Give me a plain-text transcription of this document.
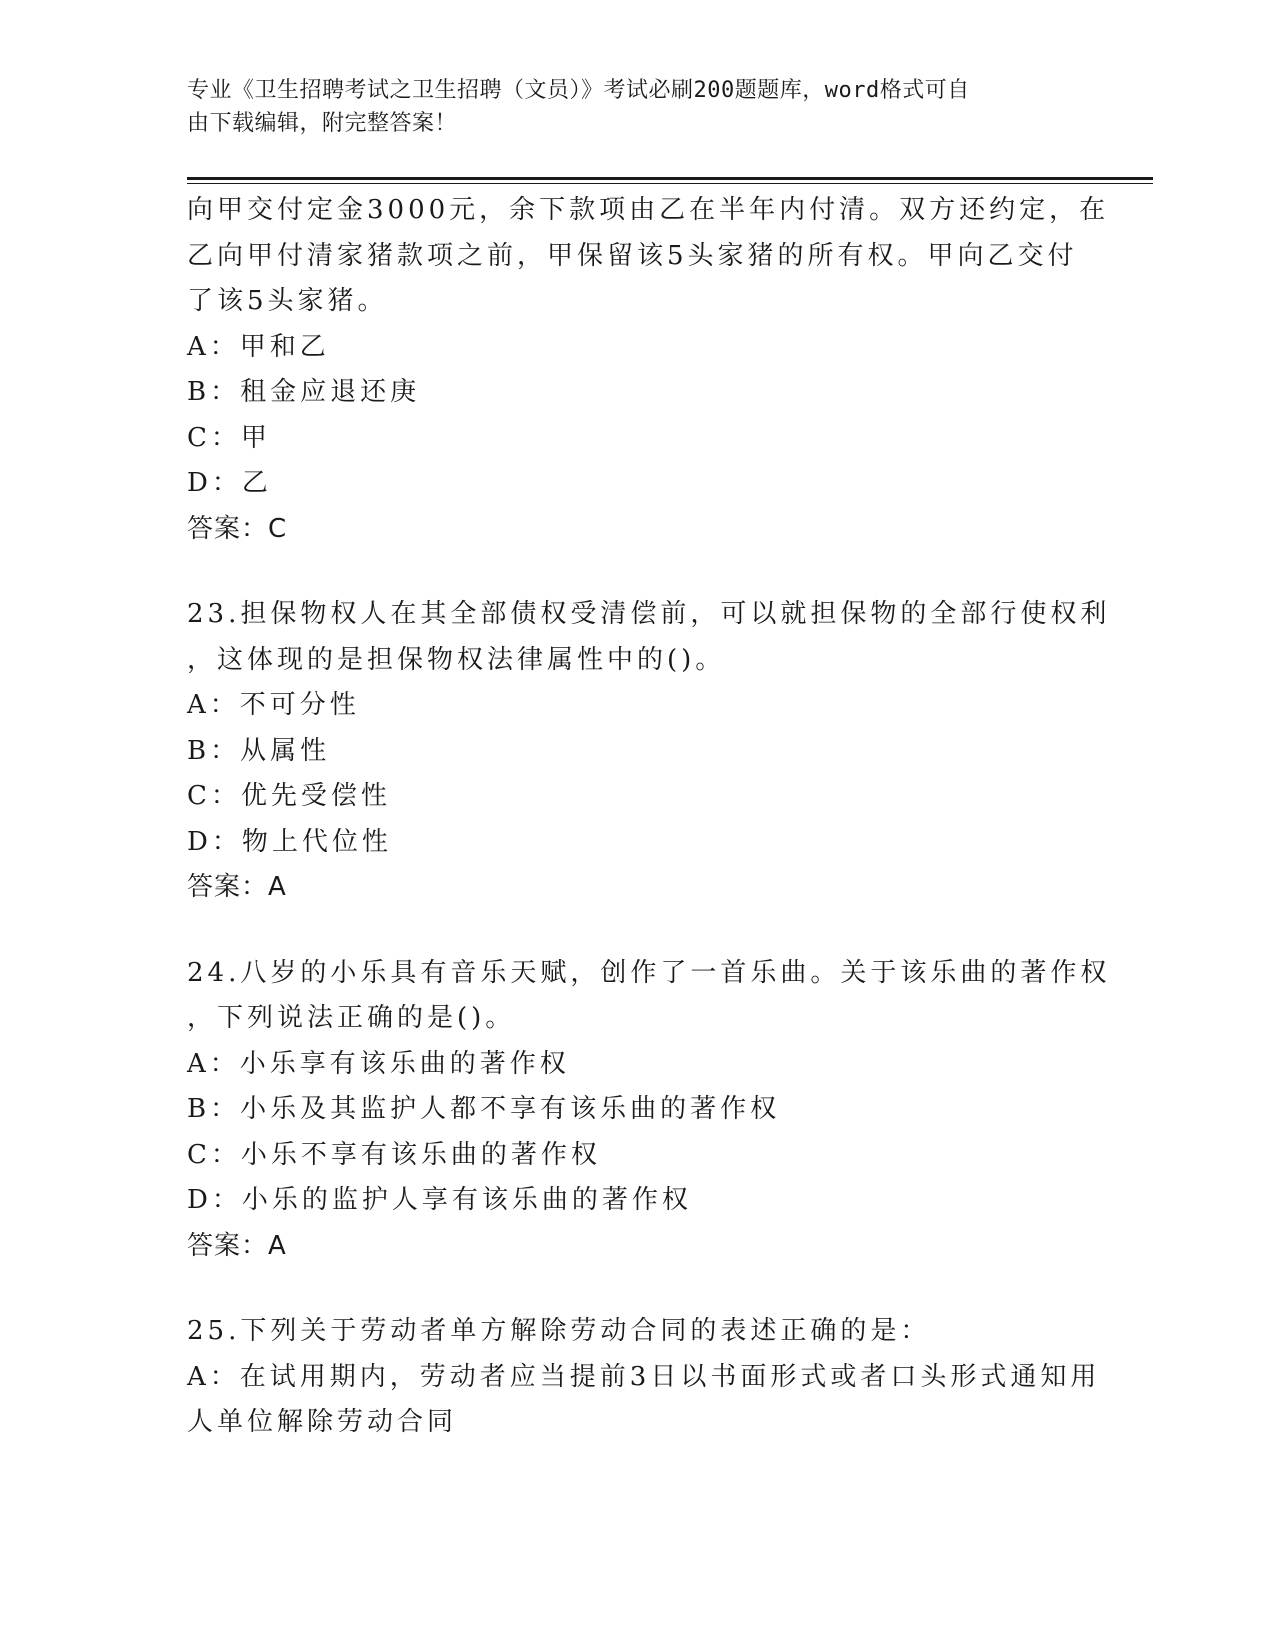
专业《卫生招聘考试之卫生招聘（文员）》考试必刷200题题库，word格式可自
由下载编辑，附完整答案！
向甲交付定金3000元，余下款项由乙在半年内付清。双方还约定，在
乙向甲付清家猪款项之前，甲保留该5头家猪的所有权。甲向乙交付
了该5头家猪。
A：甲和乙
B：租金应退还庚
C：甲
D：乙
答案：C
23.担保物权人在其全部债权受清偿前，可以就担保物的全部行使权利
，这体现的是担保物权法律属性中的()。
A：不可分性
B：从属性
C：优先受偿性
D：物上代位性
答案：A
24.八岁的小乐具有音乐天赋，创作了一首乐曲。关于该乐曲的著作权
，下列说法正确的是()。
A：小乐享有该乐曲的著作权
B：小乐及其监护人都不享有该乐曲的著作权
C：小乐不享有该乐曲的著作权
D：小乐的监护人享有该乐曲的著作权
答案：A
25.下列关于劳动者单方解除劳动合同的表述正确的是：
A：在试用期内，劳动者应当提前3日以书面形式或者口头形式通知用
人单位解除劳动合同
